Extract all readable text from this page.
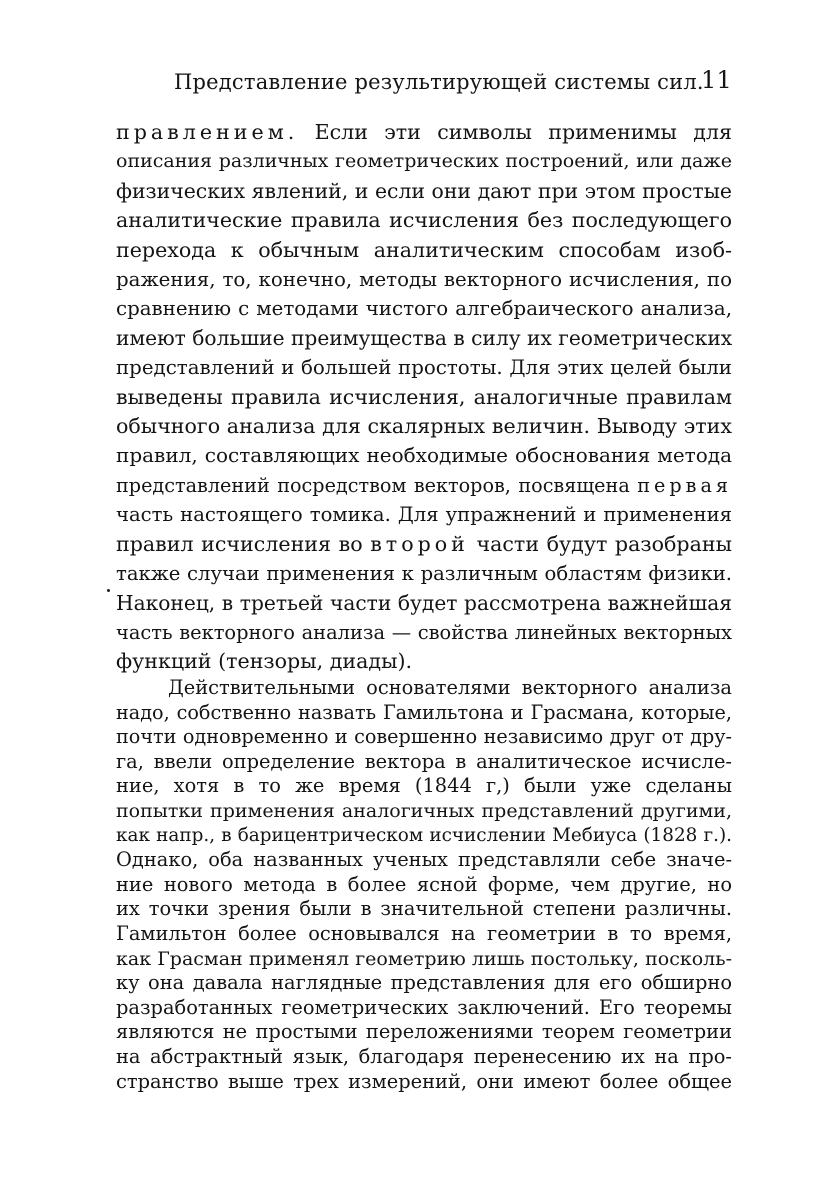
Представление результирующей системы сил.
11
правлением. Если эти символы применимы для
описания различных геометрических построений, или даже
физических явлений, и если они дают при этом простые
аналитические правила исчисления без последующего
перехода к обычным аналитическим способам изоб-
ражения, то, конечно, методы векторного исчисления, по
сравнению с методами чистого алгебраического анализа,
имеют большие преимущества в силу их геометрических
представлений и большей простоты. Для этих целей были
выведены правила исчисления, аналогичные правилам
обычного анализа для скалярных величин. Выводу этих
правил, составляющих необходимые обоснования метода
представлений посредством векторов, посвящена первая
часть настоящего томика. Для упражнений и применения
правил исчисления во второй части будут разобраны
также случаи применения к различным областям физики.
Наконец, в третьей части будет рассмотрена важнейшая
часть векторного анализа — свойства линейных векторных
функций (тензоры, диады).
Действительными основателями векторного анализа
надо, собственно назвать Гамильтона и Грасмана, которые,
почти одновременно и совершенно независимо друг от дру-
га, ввели определение вектора в аналитическое исчисле-
ние, хотя в то же время (1844 г,) были уже сделаны
попытки применения аналогичных представлений другими,
как напр., в барицентрическом исчислении Мебиуса (1828 г.).
Однако, оба названных ученых представляли себе значе-
ние нового метода в более ясной форме, чем другие, но
их точки зрения были в значительной степени различны.
Гамильтон более основывался на геометрии в то время,
как Грасман применял геометрию лишь постольку, посколь-
ку она давала наглядные представления для его обширно
разработанных геометрических заключений. Его теоремы
являются не простыми переложениями теорем геометрии
на абстрактный язык, благодаря перенесению их на про-
странство выше трех измерений, они имеют более общее
